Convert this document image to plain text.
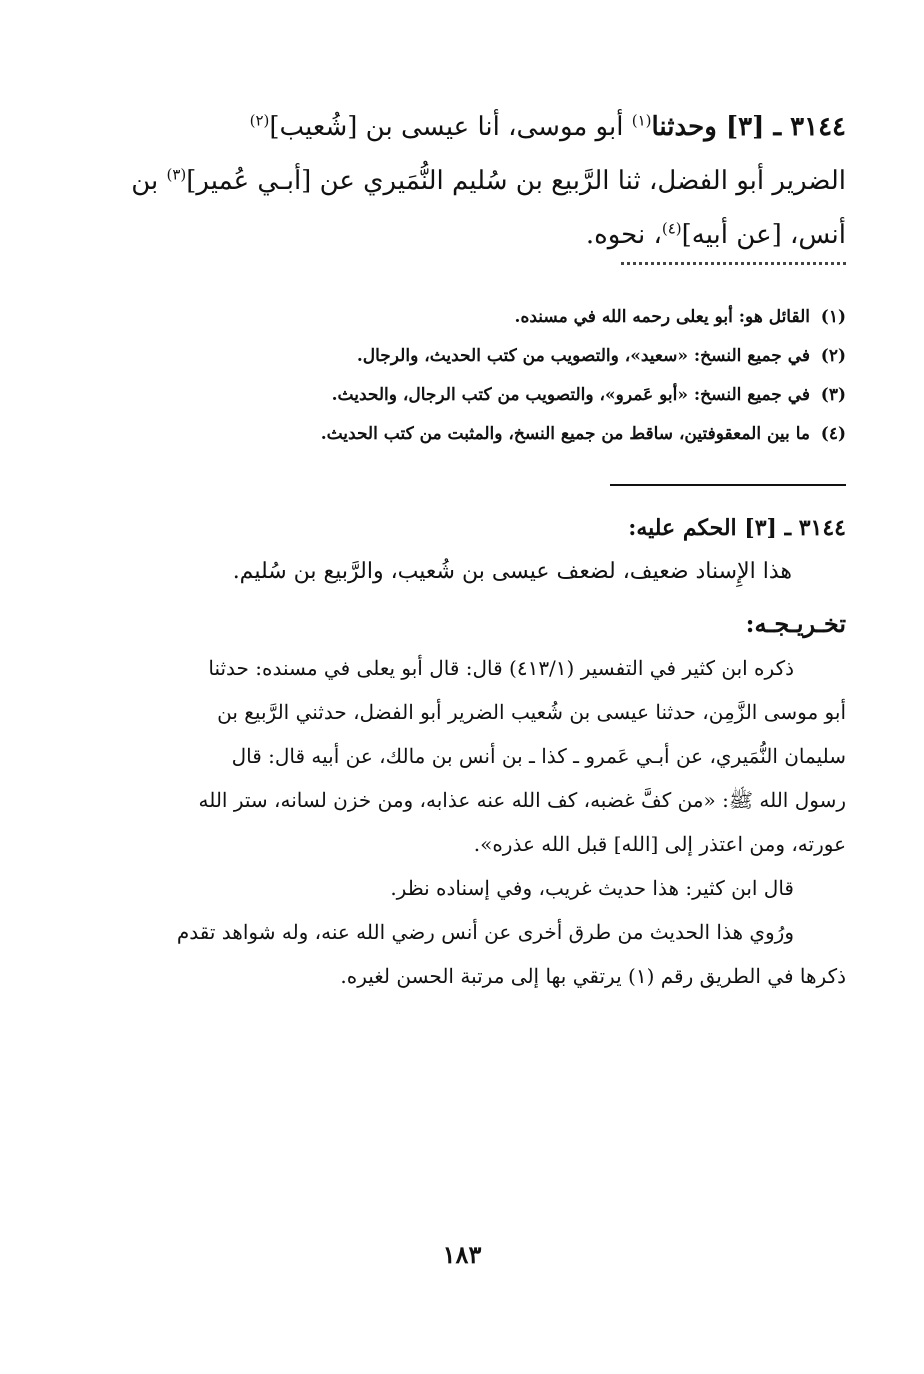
٣١٤٤ ـ [٣] وحدثنا$^{(١)}$ أبو موسى، أنا عيسى بن [شُعيب]$^{(٢)}$
الضرير أبو الفضل، ثنا الرَّبيع بن سُليم النُّمَيري عن [أبـي عُمير]$^{(٣)}$ بن
أنس، [عن أبيه]$^{(٤)}$، نحوه.
(١)القائل هو: أبو يعلى رحمه الله في مسنده.
(٢)في جميع النسخ: «سعيد»، والتصويب من كتب الحديث، والرجال.
(٣)في جميع النسخ: «أبو عَمرو»، والتصويب من كتب الرجال، والحديث.
(٤)ما بين المعقوفتين، ساقط من جميع النسخ، والمثبت من كتب الحديث.
٣١٤٤ ـ [٣] الحكم عليه:
هذا الإِسناد ضعيف، لضعف عيسى بن شُعيب، والرَّبيع بن سُليم.
تخـريـجـه:
ذكره ابن كثير في التفسير (٤١٣/١) قال: قال أبو يعلى في مسنده: حدثنا
أبو موسى الزَّمِن، حدثنا عيسى بن شُعيب الضرير أبو الفضل، حدثني الرَّبيع بن
سليمان النُّمَيري، عن أبـي عَمرو ـ كذا ـ بن أنس بن مالك، عن أبيه قال: قال
رسول الله ﷺ: «من كفَّ غضبه، كف الله عنه عذابه، ومن خزن لسانه، ستر الله
عورته، ومن اعتذر إلى [الله] قبل الله عذره».
قال ابن كثير: هذا حديث غريب، وفي إسناده نظر.
ورُوي هذا الحديث من طرق أخرى عن أنس رضي الله عنه، وله شواهد تقدم
ذكرها في الطريق رقم (١) يرتقي بها إلى مرتبة الحسن لغيره.
١٨٣
